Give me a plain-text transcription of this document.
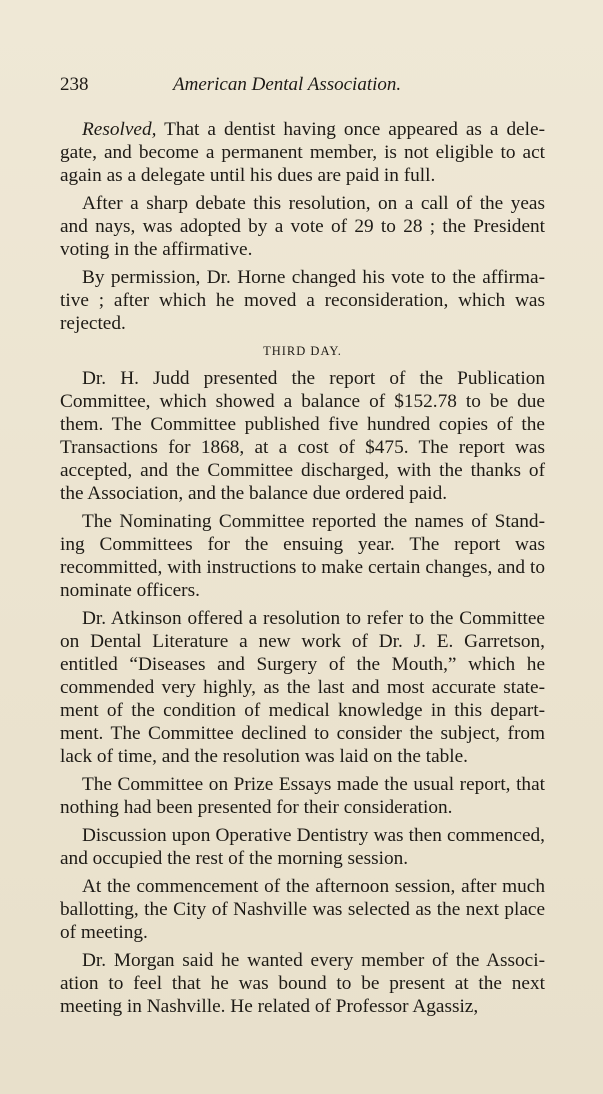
238	American Dental Association.

Resolved, That a dentist having once appeared as a delegate, and become a permanent member, is not eligible to act again as a delegate until his dues are paid in full.

After a sharp debate this resolution, on a call of the yeas and nays, was adopted by a vote of 29 to 28 ; the President voting in the affirmative.

By permission, Dr. Horne changed his vote to the affirmative ; after which he moved a reconsideration, which was rejected.

THIRD DAY.

Dr. H. Judd presented the report of the Publication Committee, which showed a balance of $152.78 to be due them. The Committee published five hundred copies of the Transactions for 1868, at a cost of $475. The report was accepted, and the Committee discharged, with the thanks of the Association, and the balance due ordered paid.

The Nominating Committee reported the names of Standing Committees for the ensuing year. The report was recommitted, with instructions to make certain changes, and to nominate officers.

Dr. Atkinson offered a resolution to refer to the Committee on Dental Literature a new work of Dr. J. E. Garretson, entitled “Diseases and Surgery of the Mouth,” which he commended very highly, as the last and most accurate statement of the condition of medical knowledge in this department. The Committee declined to consider the subject, from lack of time, and the resolution was laid on the table.

The Committee on Prize Essays made the usual report, that nothing had been presented for their consideration.

Discussion upon Operative Dentistry was then commenced, and occupied the rest of the morning session.

At the commencement of the afternoon session, after much ballotting, the City of Nashville was selected as the next place of meeting.

Dr. Morgan said he wanted every member of the Association to feel that he was bound to be present at the next meeting in Nashville. He related of Professor Agassiz,
